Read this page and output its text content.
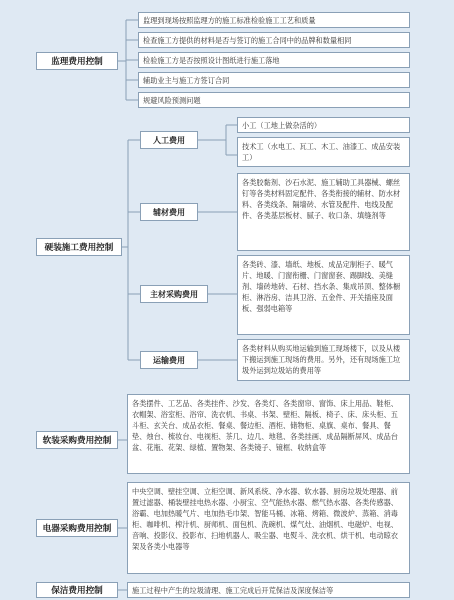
监理费用控制
监理到现场按照监理方的施工标准检验施工工艺和质量
检查施工方提供的材料是否与签订的施工合同中的品牌和数量相同
检验施工方是否按照设计图纸进行施工落地
辅助业主与施工方签订合同
规避风险预测问题
硬装施工费用控制
人工费用
小工（工地上做杂活的）
技术工（水电工、瓦工、木工、油漆工、成品安装工）
辅材费用
各类胶黏剂、沙石水泥、施工辅助工具器械、螺丝钉等各类材料固定配件、各类衔接的辅材、防水材料、各类线条、隔墙砖、水管及配件、电线及配件、各类基层板材、腻子、收口条、填缝剂等
主材采购费用
各类砖、漆、墙纸、地板、成品定制柜子、暖气片、地暖、门窗衔栅、门窗窗套、踢脚线、美缝剂、墙砖地砖、石材、挡水条、集成吊顶、整体橱柜、淋浴房、洁具卫浴、五金件、开关插座及面板、强弱电箱等
运输费用
各类材料从购买地运输到施工现场楼下，以及从楼下搬运到施工现场的费用。另外，还有现场施工垃圾外运到垃圾站的费用等
软装采购费用控制
各类摆件、工艺品、各类挂件、沙发、各类灯、各类窗帘、窗饰、床上用品、鞋柜、衣帽架、浴室柜、浴帘、洗衣机、书桌、书架、壁柜、隔板、椅子、床、床头柜、五斗柜、玄关台、成品衣柜、餐桌、餐边柜、酒柜、储物柜、桌旗、桌布、餐具、餐垫、烛台、梳妆台、电视柜、茶几、边几、地毯、各类挂画、成品隔断屏风、成品台盆、花瓶、花架、绿植、置物架、各类镜子、镜框、收纳盒等
电器采购费用控制
中央空调、壁挂空调、立柜空调、新风系统、净水器、软水器、厨房垃圾处理器、前置过滤器、桶装壁挂电热水器、小厨宝、空气能热水器、燃气热水器、各类传感器、浴霸、电加热暖气片、电加热毛巾架、智能马桶、冰箱、烤箱、微波炉、蒸箱、消毒柜、咖啡机、榨汁机、厨师机、面包机、洗碗机、煤气灶、油烟机、电磁炉、电视、音响、投影仪、投影布、扫地机器人、吸尘器、电熨斗、洗衣机、烘干机、电动晾衣架及各类小电器等
保洁费用控制	施工过程中产生的垃圾清理、施工完成后开荒保洁及深度保洁等
